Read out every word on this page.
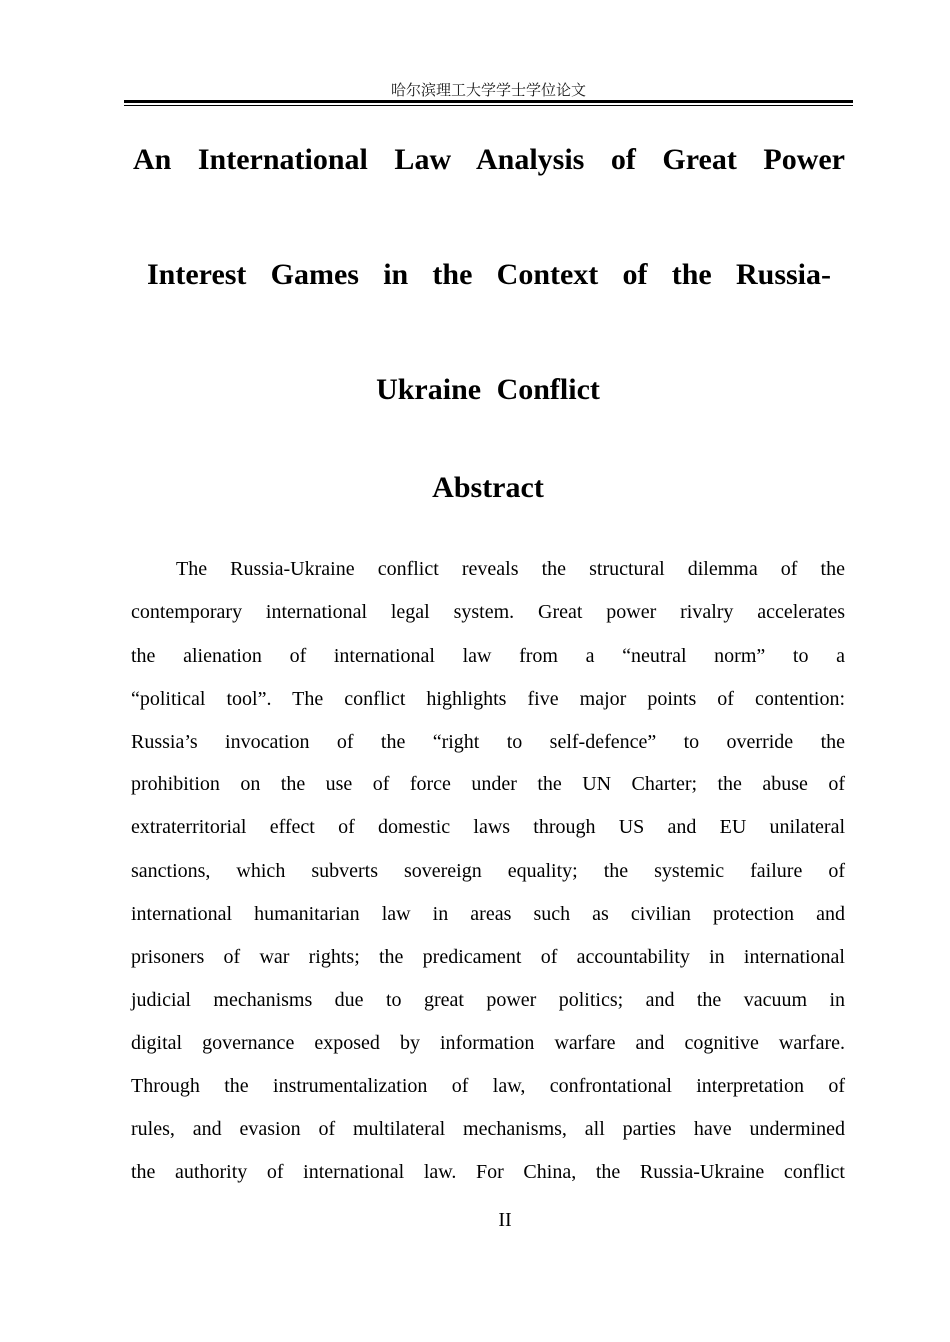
哈尔滨理工大学学士学位论文
An International Law Analysis of Great Power
Interest Games in the Context of the Russia-
Ukraine Conflict
Abstract
The Russia-Ukraine conflict reveals the structural dilemma of the
contemporary international legal system. Great power rivalry accelerates
the alienation of international law from a “neutral norm” to a
“political tool”. The conflict highlights five major points of contention:
Russia’s invocation of the “right to self-defence” to override the
prohibition on the use of force under the UN Charter; the abuse of
extraterritorial effect of domestic laws through US and EU unilateral
sanctions, which subverts sovereign equality; the systemic failure of
international humanitarian law in areas such as civilian protection and
prisoners of war rights; the predicament of accountability in international
judicial mechanisms due to great power politics; and the vacuum in
digital governance exposed by information warfare and cognitive warfare.
Through the instrumentalization of law, confrontational interpretation of
rules, and evasion of multilateral mechanisms, all parties have undermined
the authority of international law. For China, the Russia-Ukraine conflict
II
